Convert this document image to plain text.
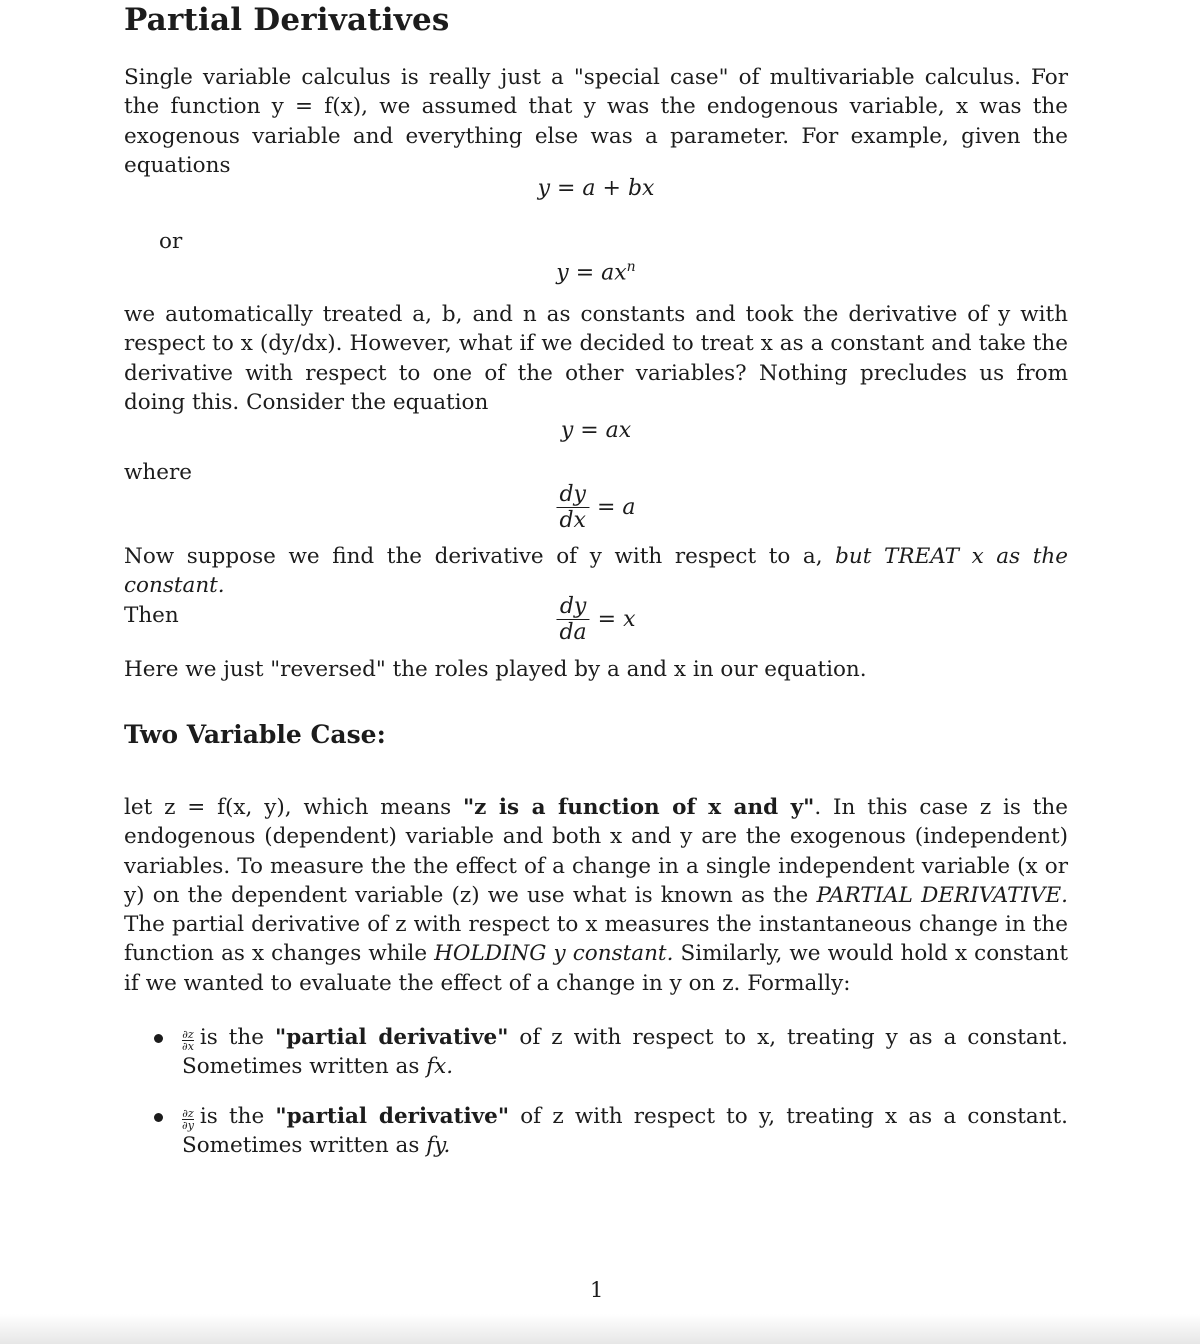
Partial Derivatives

Single variable calculus is really just a "special case" of multivariable calculus. For the function y = f(x), we assumed that y was the endogenous variable, x was the exogenous variable and everything else was a parameter. For example, given the equations

y = a + bx
or
$y = ax^n$

we automatically treated a, b, and n as constants and took the derivative of y with respect to x (dy/dx). However, what if we decided to treat x as a constant and take the derivative with respect to one of the other variables? Nothing precludes us from doing this. Consider the equation

y = ax
where
$\frac{dy}{dx} = a$

Now suppose we find the derivative of y with respect to a, but TREAT x as the constant.
Then	$\frac{dy}{da} = x$

Here we just "reversed" the roles played by a and x in our equation.

Two Variable Case:

let z = f(x, y), which means "z is a function of x and y". In this case z is the endogenous (dependent) variable and both x and y are the exogenous (independent) variables. To measure the the effect of a change in a single independent variable (x or y) on the dependent variable (z) we use what is known as the PARTIAL DERIVATIVE. The partial derivative of z with respect to x measures the instantaneous change in the function as x changes while HOLDING y constant. Similarly, we would hold x constant if we wanted to evaluate the effect of a change in y on z. Formally:

$\frac{\partial z}{\partial x}$ is the "partial derivative" of z with respect to x, treating y as a constant. Sometimes written as fx.
$\frac{\partial z}{\partial y}$ is the "partial derivative" of z with respect to y, treating x as a constant. Sometimes written as fy.
1
